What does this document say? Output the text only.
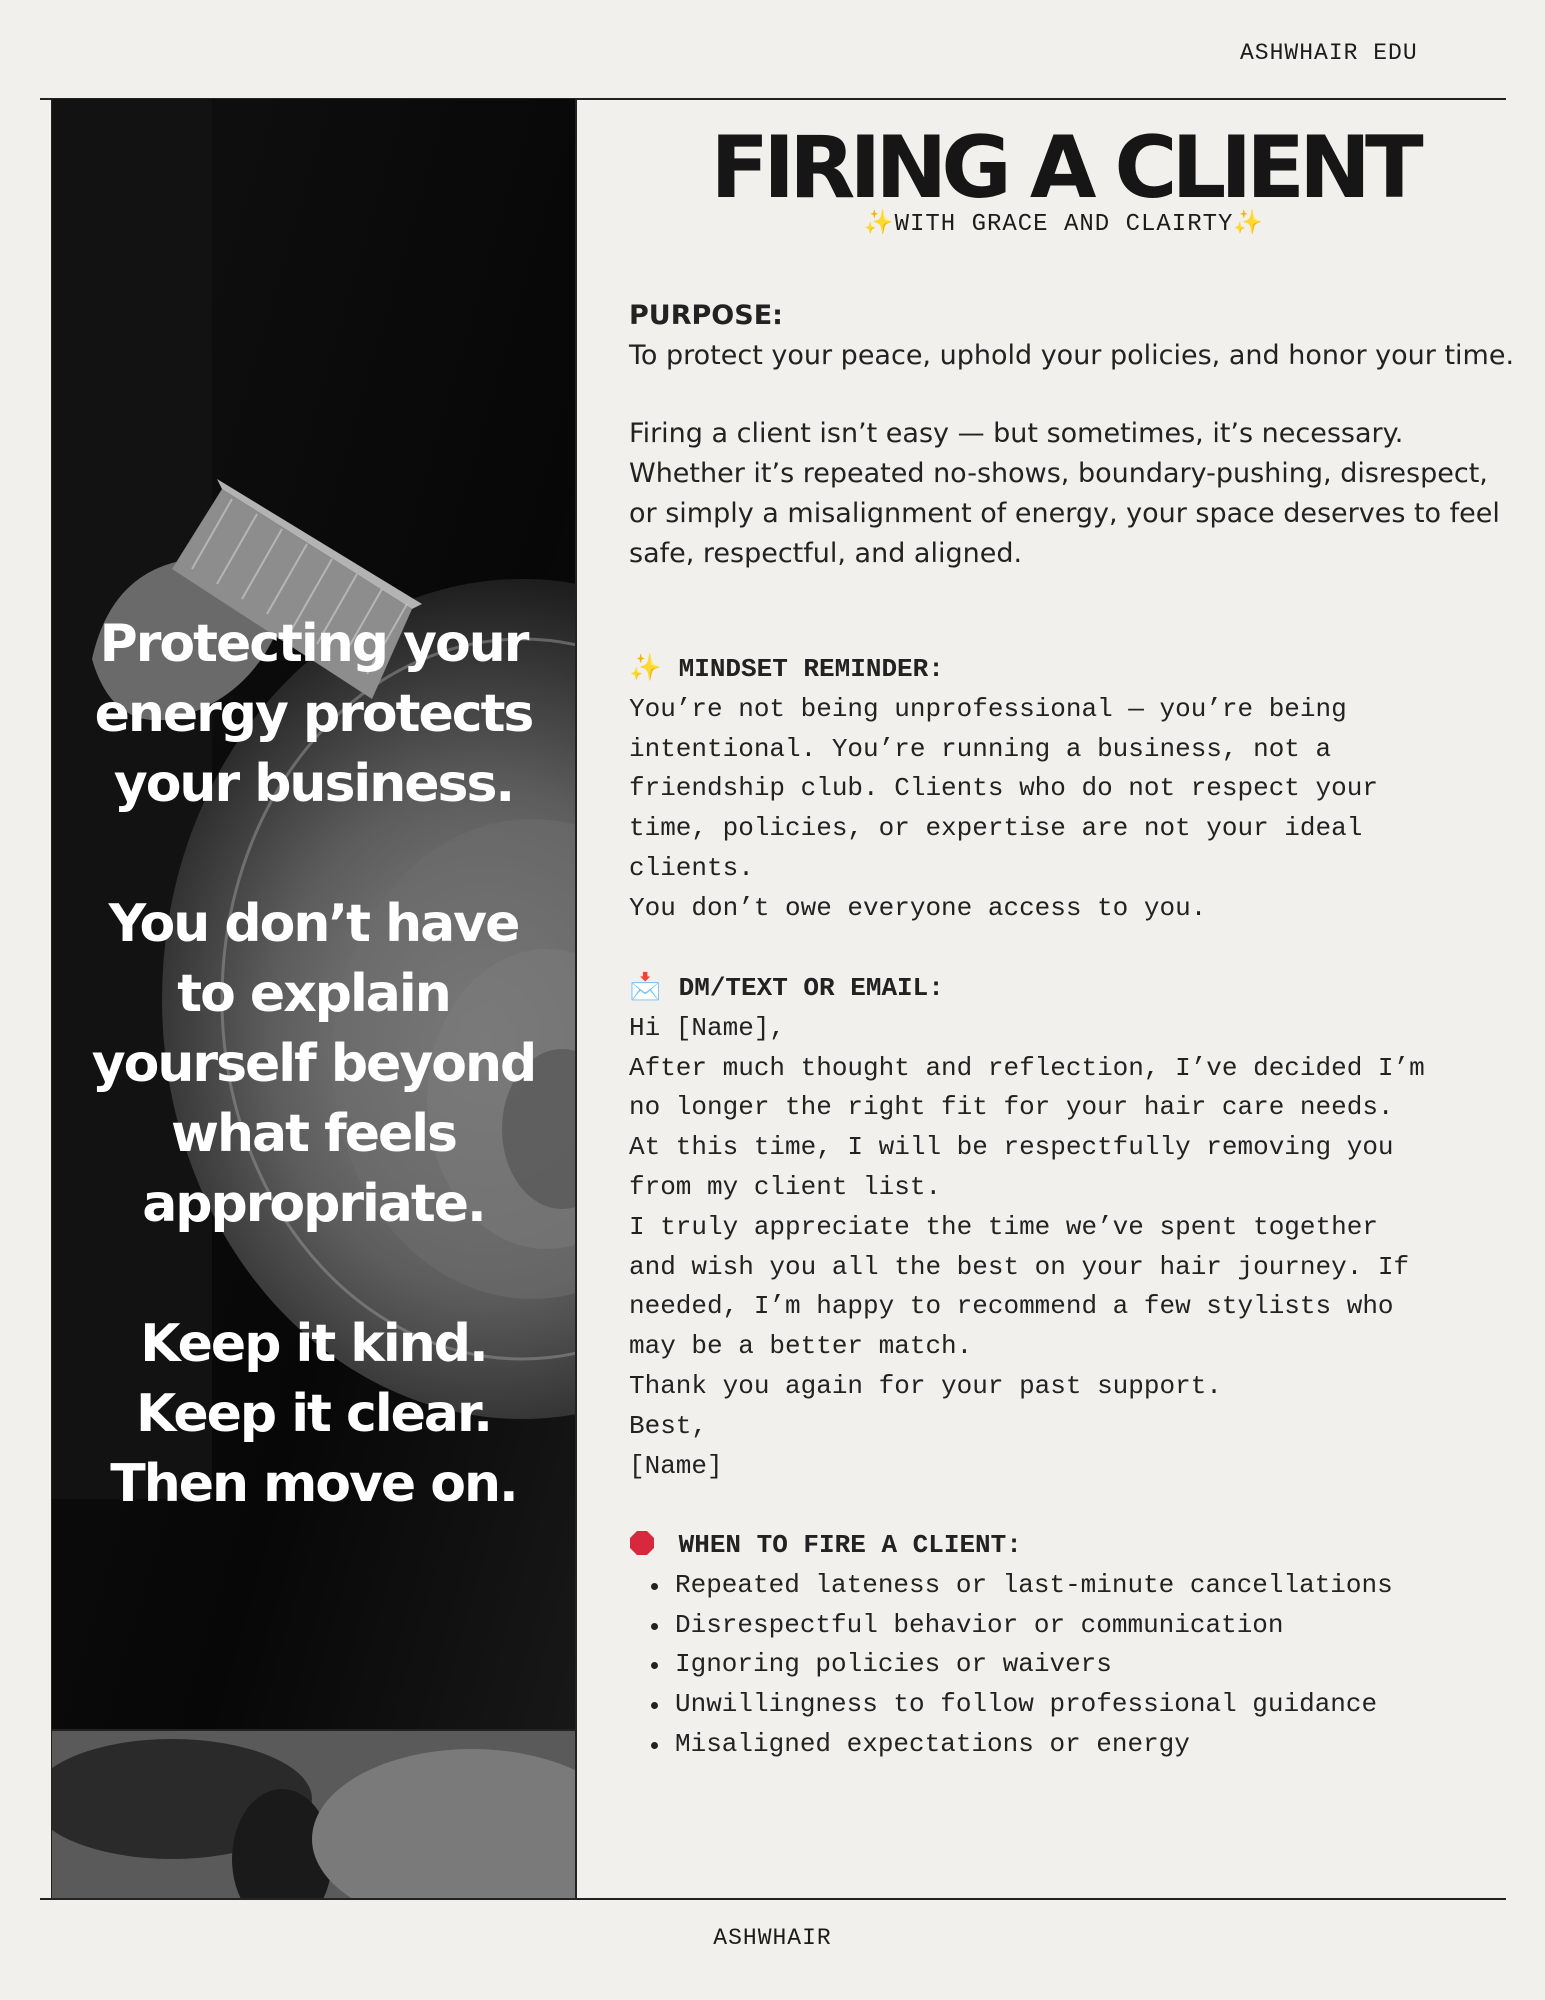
ASHWHAIR EDU
Protecting your
energy protects
your business.
You don’t have
to explain
yourself beyond
what feels
appropriate.
Keep it kind.
Keep it clear.
Then move on.
FIRING A CLIENT
✨WITH GRACE AND CLAIRTY✨
PURPOSE:
To protect your peace, uphold your policies, and honor your time.
Firing a client isn’t easy — but sometimes, it’s necessary. Whether it’s repeated no-shows, boundary-pushing, disrespect, or simply a misalignment of energy, your space deserves to feel safe, respectful, and aligned.
✨ MINDSET REMINDER:
You’re not being unprofessional — you’re being
intentional. You’re running a business, not a
friendship club. Clients who do not respect your
time, policies, or expertise are not your ideal
clients.
You don’t owe everyone access to you.
📩 DM/TEXT OR EMAIL:
Hi [Name],
After much thought and reflection, I’ve decided I’m
no longer the right fit for your hair care needs.
At this time, I will be respectfully removing you
from my client list.
I truly appreciate the time we’ve spent together
and wish you all the best on your hair journey. If
needed, I’m happy to recommend a few stylists who
may be a better match.
Thank you again for your past support.
Best,
[Name]
WHEN TO FIRE A CLIENT:
Repeated lateness or last-minute cancellations
Disrespectful behavior or communication
Ignoring policies or waivers
Unwillingness to follow professional guidance
Misaligned expectations or energy
ASHWHAIR
